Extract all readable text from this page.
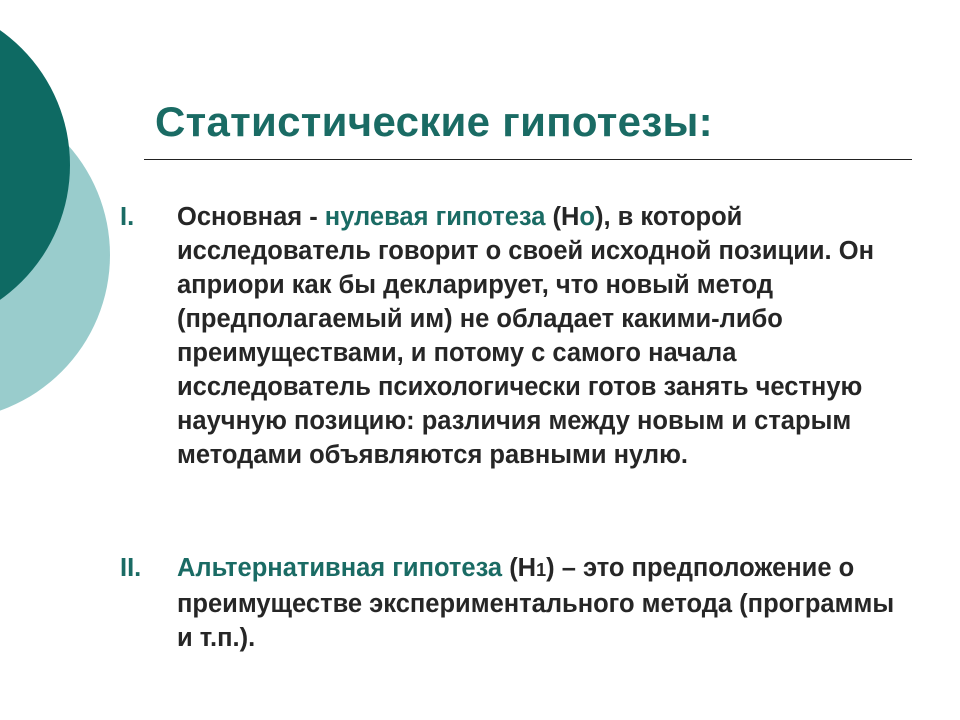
Статистические гипотезы:
I. Основная - нулевая гипотеза (Но), в которой исследователь говорит о своей исходной позиции. Он априори как бы декларирует, что новый метод (предполагаемый им) не обладает какими-либо преимуществами, и потому с самого начала исследователь психологически готов занять честную научную позицию: различия между новым и старым методами объявляются равными нулю.
II. Альтернативная гипотеза (Н1) – это предположение о преимуществе экспериментального метода (программы и т.п.).
